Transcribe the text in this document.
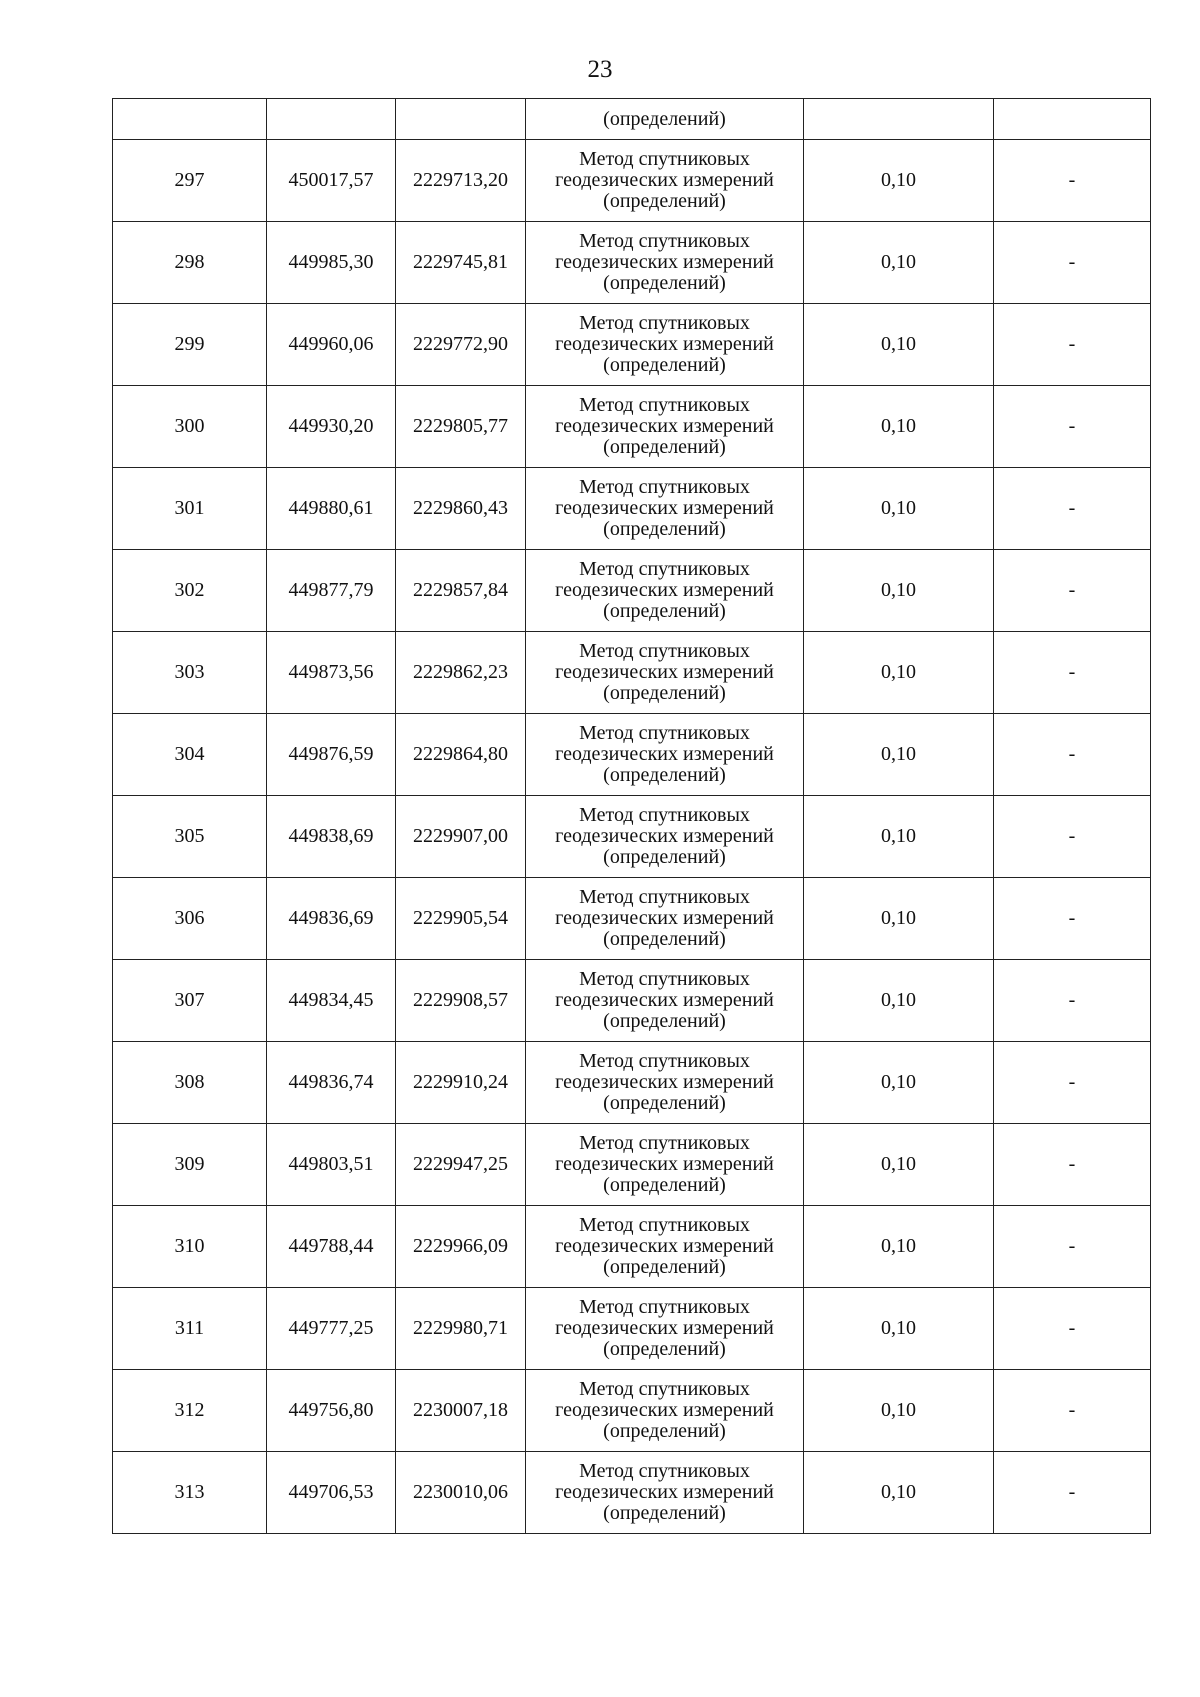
23
			(определений)		
297	450017,57	2229713,20	Метод спутниковых
геодезических измерений
(определений)	0,10	-
298	449985,30	2229745,81	Метод спутниковых
геодезических измерений
(определений)	0,10	-
299	449960,06	2229772,90	Метод спутниковых
геодезических измерений
(определений)	0,10	-
300	449930,20	2229805,77	Метод спутниковых
геодезических измерений
(определений)	0,10	-
301	449880,61	2229860,43	Метод спутниковых
геодезических измерений
(определений)	0,10	-
302	449877,79	2229857,84	Метод спутниковых
геодезических измерений
(определений)	0,10	-
303	449873,56	2229862,23	Метод спутниковых
геодезических измерений
(определений)	0,10	-
304	449876,59	2229864,80	Метод спутниковых
геодезических измерений
(определений)	0,10	-
305	449838,69	2229907,00	Метод спутниковых
геодезических измерений
(определений)	0,10	-
306	449836,69	2229905,54	Метод спутниковых
геодезических измерений
(определений)	0,10	-
307	449834,45	2229908,57	Метод спутниковых
геодезических измерений
(определений)	0,10	-
308	449836,74	2229910,24	Метод спутниковых
геодезических измерений
(определений)	0,10	-
309	449803,51	2229947,25	Метод спутниковых
геодезических измерений
(определений)	0,10	-
310	449788,44	2229966,09	Метод спутниковых
геодезических измерений
(определений)	0,10	-
311	449777,25	2229980,71	Метод спутниковых
геодезических измерений
(определений)	0,10	-
312	449756,80	2230007,18	Метод спутниковых
геодезических измерений
(определений)	0,10	-
313	449706,53	2230010,06	Метод спутниковых
геодезических измерений
(определений)	0,10	-
